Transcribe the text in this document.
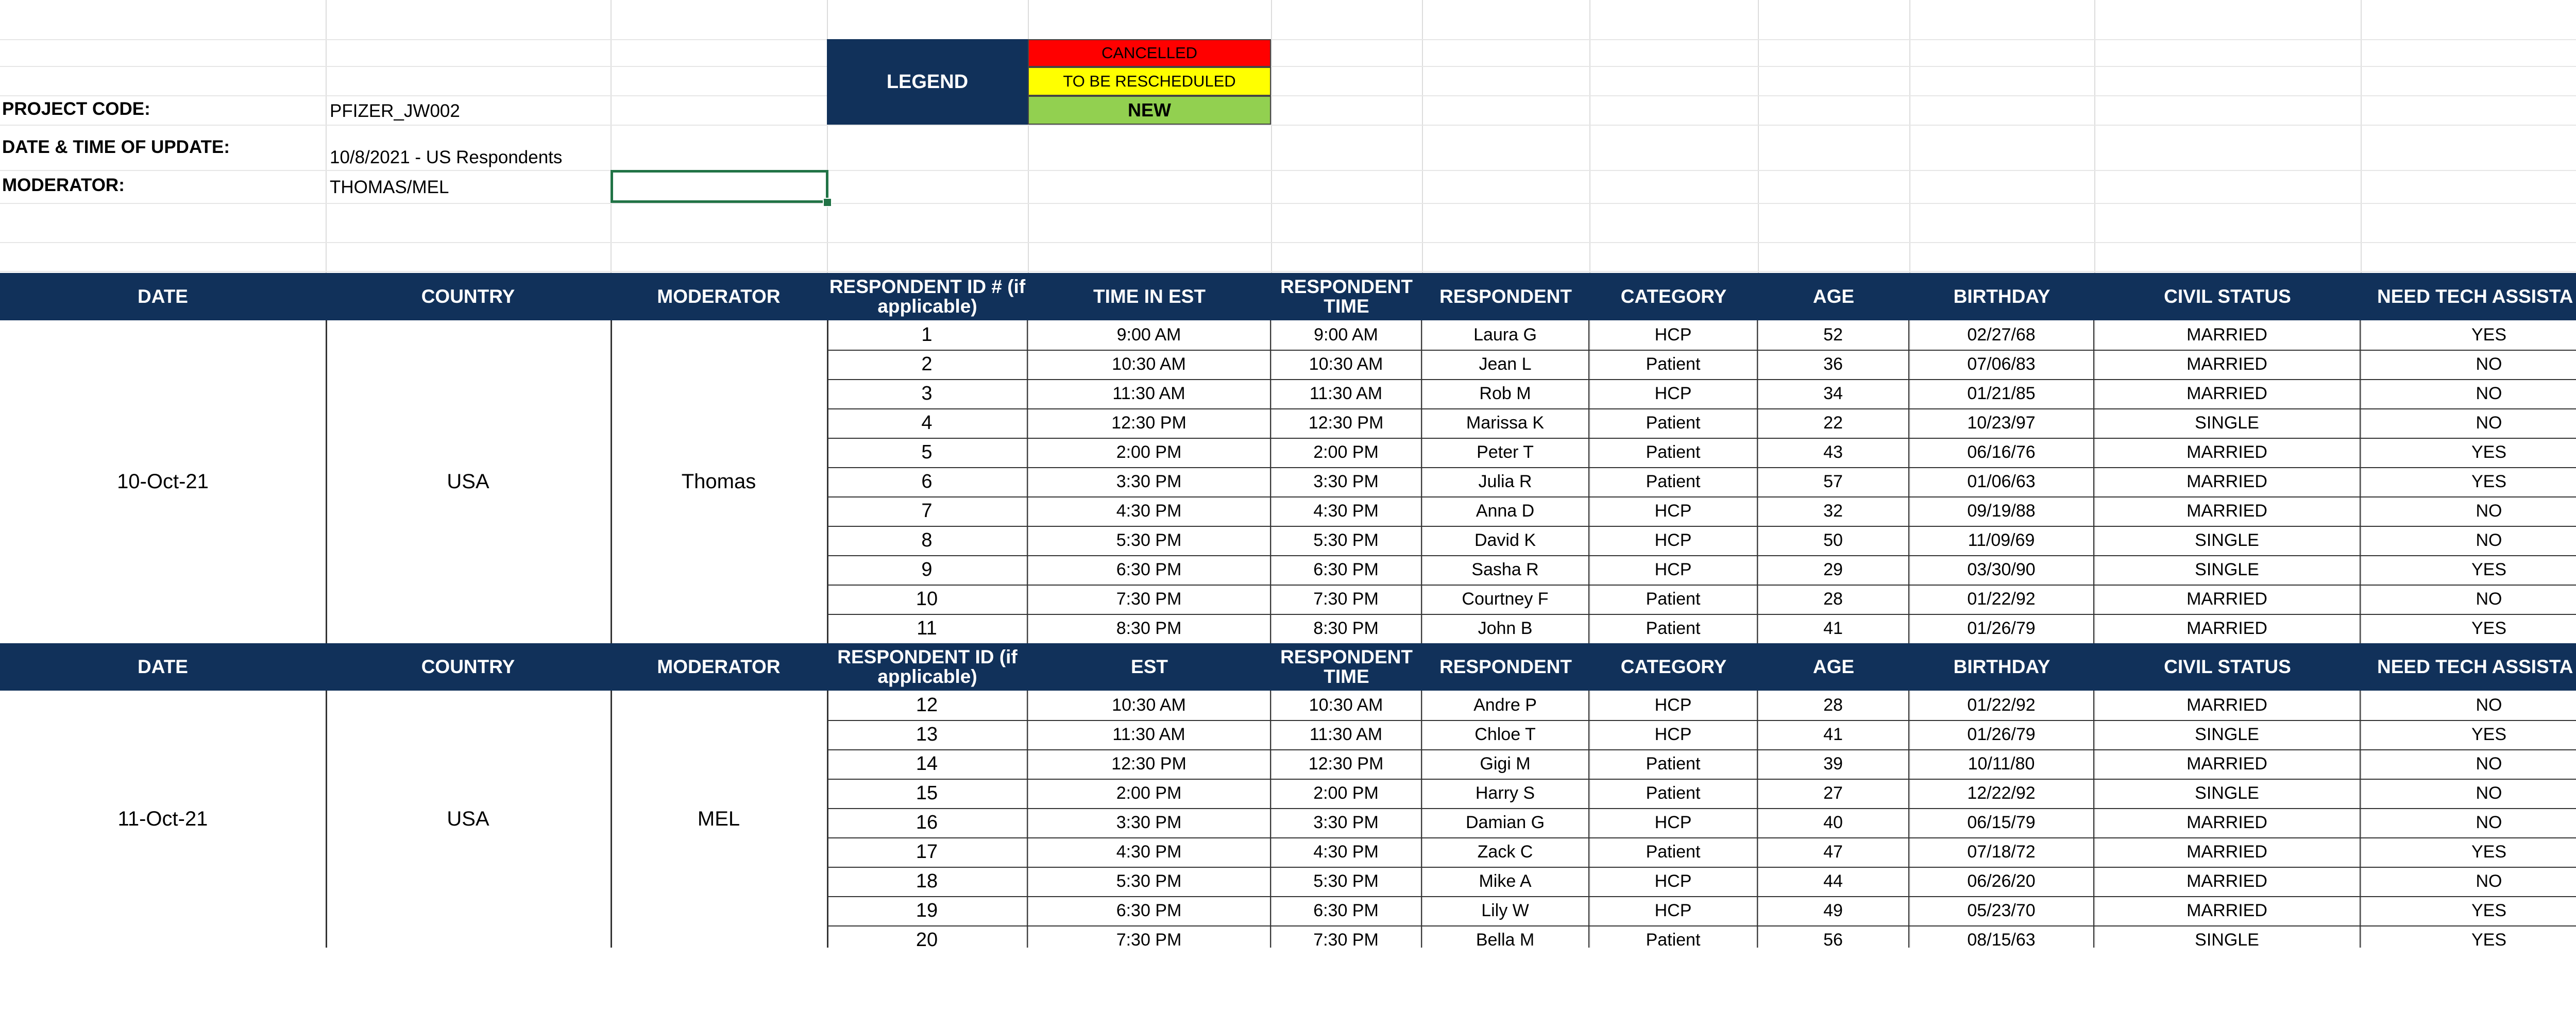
PROJECT CODE:	PFIZER_JW002
DATE & TIME OF UPDATE:
10/8/2021 - US Respondents
MODERATOR:	THOMAS/MEL
LEGEND
CANCELLED
TO BE RESCHEDULED
NEW
DATE	COUNTRY	MODERATOR	RESPONDENT ID # (if applicable)	TIME IN EST	RESPONDENT TIME	RESPONDENT	CATEGORY	AGE	BIRTHDAY	CIVIL STATUS	NEED TECH ASSISTA
10-Oct-21	USA	Thomas
1	9:00 AM	9:00 AM	Laura G	HCP	52	02/27/68	MARRIED	YES
2	10:30 AM	10:30 AM	Jean L	Patient	36	07/06/83	MARRIED	NO
3	11:30 AM	11:30 AM	Rob M	HCP	34	01/21/85	MARRIED	NO
4	12:30 PM	12:30 PM	Marissa K	Patient	22	10/23/97	SINGLE	NO
5	2:00 PM	2:00 PM	Peter T	Patient	43	06/16/76	MARRIED	YES
6	3:30 PM	3:30 PM	Julia R	Patient	57	01/06/63	MARRIED	YES
7	4:30 PM	4:30 PM	Anna D	HCP	32	09/19/88	MARRIED	NO
8	5:30 PM	5:30 PM	David K	HCP	50	11/09/69	SINGLE	NO
9	6:30 PM	6:30 PM	Sasha R	HCP	29	03/30/90	SINGLE	YES
10	7:30 PM	7:30 PM	Courtney F	Patient	28	01/22/92	MARRIED	NO
11	8:30 PM	8:30 PM	John B	Patient	41	01/26/79	MARRIED	YES
DATE	COUNTRY	MODERATOR	RESPONDENT ID (if applicable)	EST	RESPONDENT TIME	RESPONDENT	CATEGORY	AGE	BIRTHDAY	CIVIL STATUS	NEED TECH ASSISTA
11-Oct-21	USA	MEL
12	10:30 AM	10:30 AM	Andre P	HCP	28	01/22/92	MARRIED	NO
13	11:30 AM	11:30 AM	Chloe T	HCP	41	01/26/79	SINGLE	YES
14	12:30 PM	12:30 PM	Gigi M	Patient	39	10/11/80	MARRIED	NO
15	2:00 PM	2:00 PM	Harry S	Patient	27	12/22/92	SINGLE	NO
16	3:30 PM	3:30 PM	Damian G	HCP	40	06/15/79	MARRIED	NO
17	4:30 PM	4:30 PM	Zack C	Patient	47	07/18/72	MARRIED	YES
18	5:30 PM	5:30 PM	Mike A	HCP	44	06/26/20	MARRIED	NO
19	6:30 PM	6:30 PM	Lily W	HCP	49	05/23/70	MARRIED	YES
20	7:30 PM	7:30 PM	Bella M	Patient	56	08/15/63	SINGLE	YES
